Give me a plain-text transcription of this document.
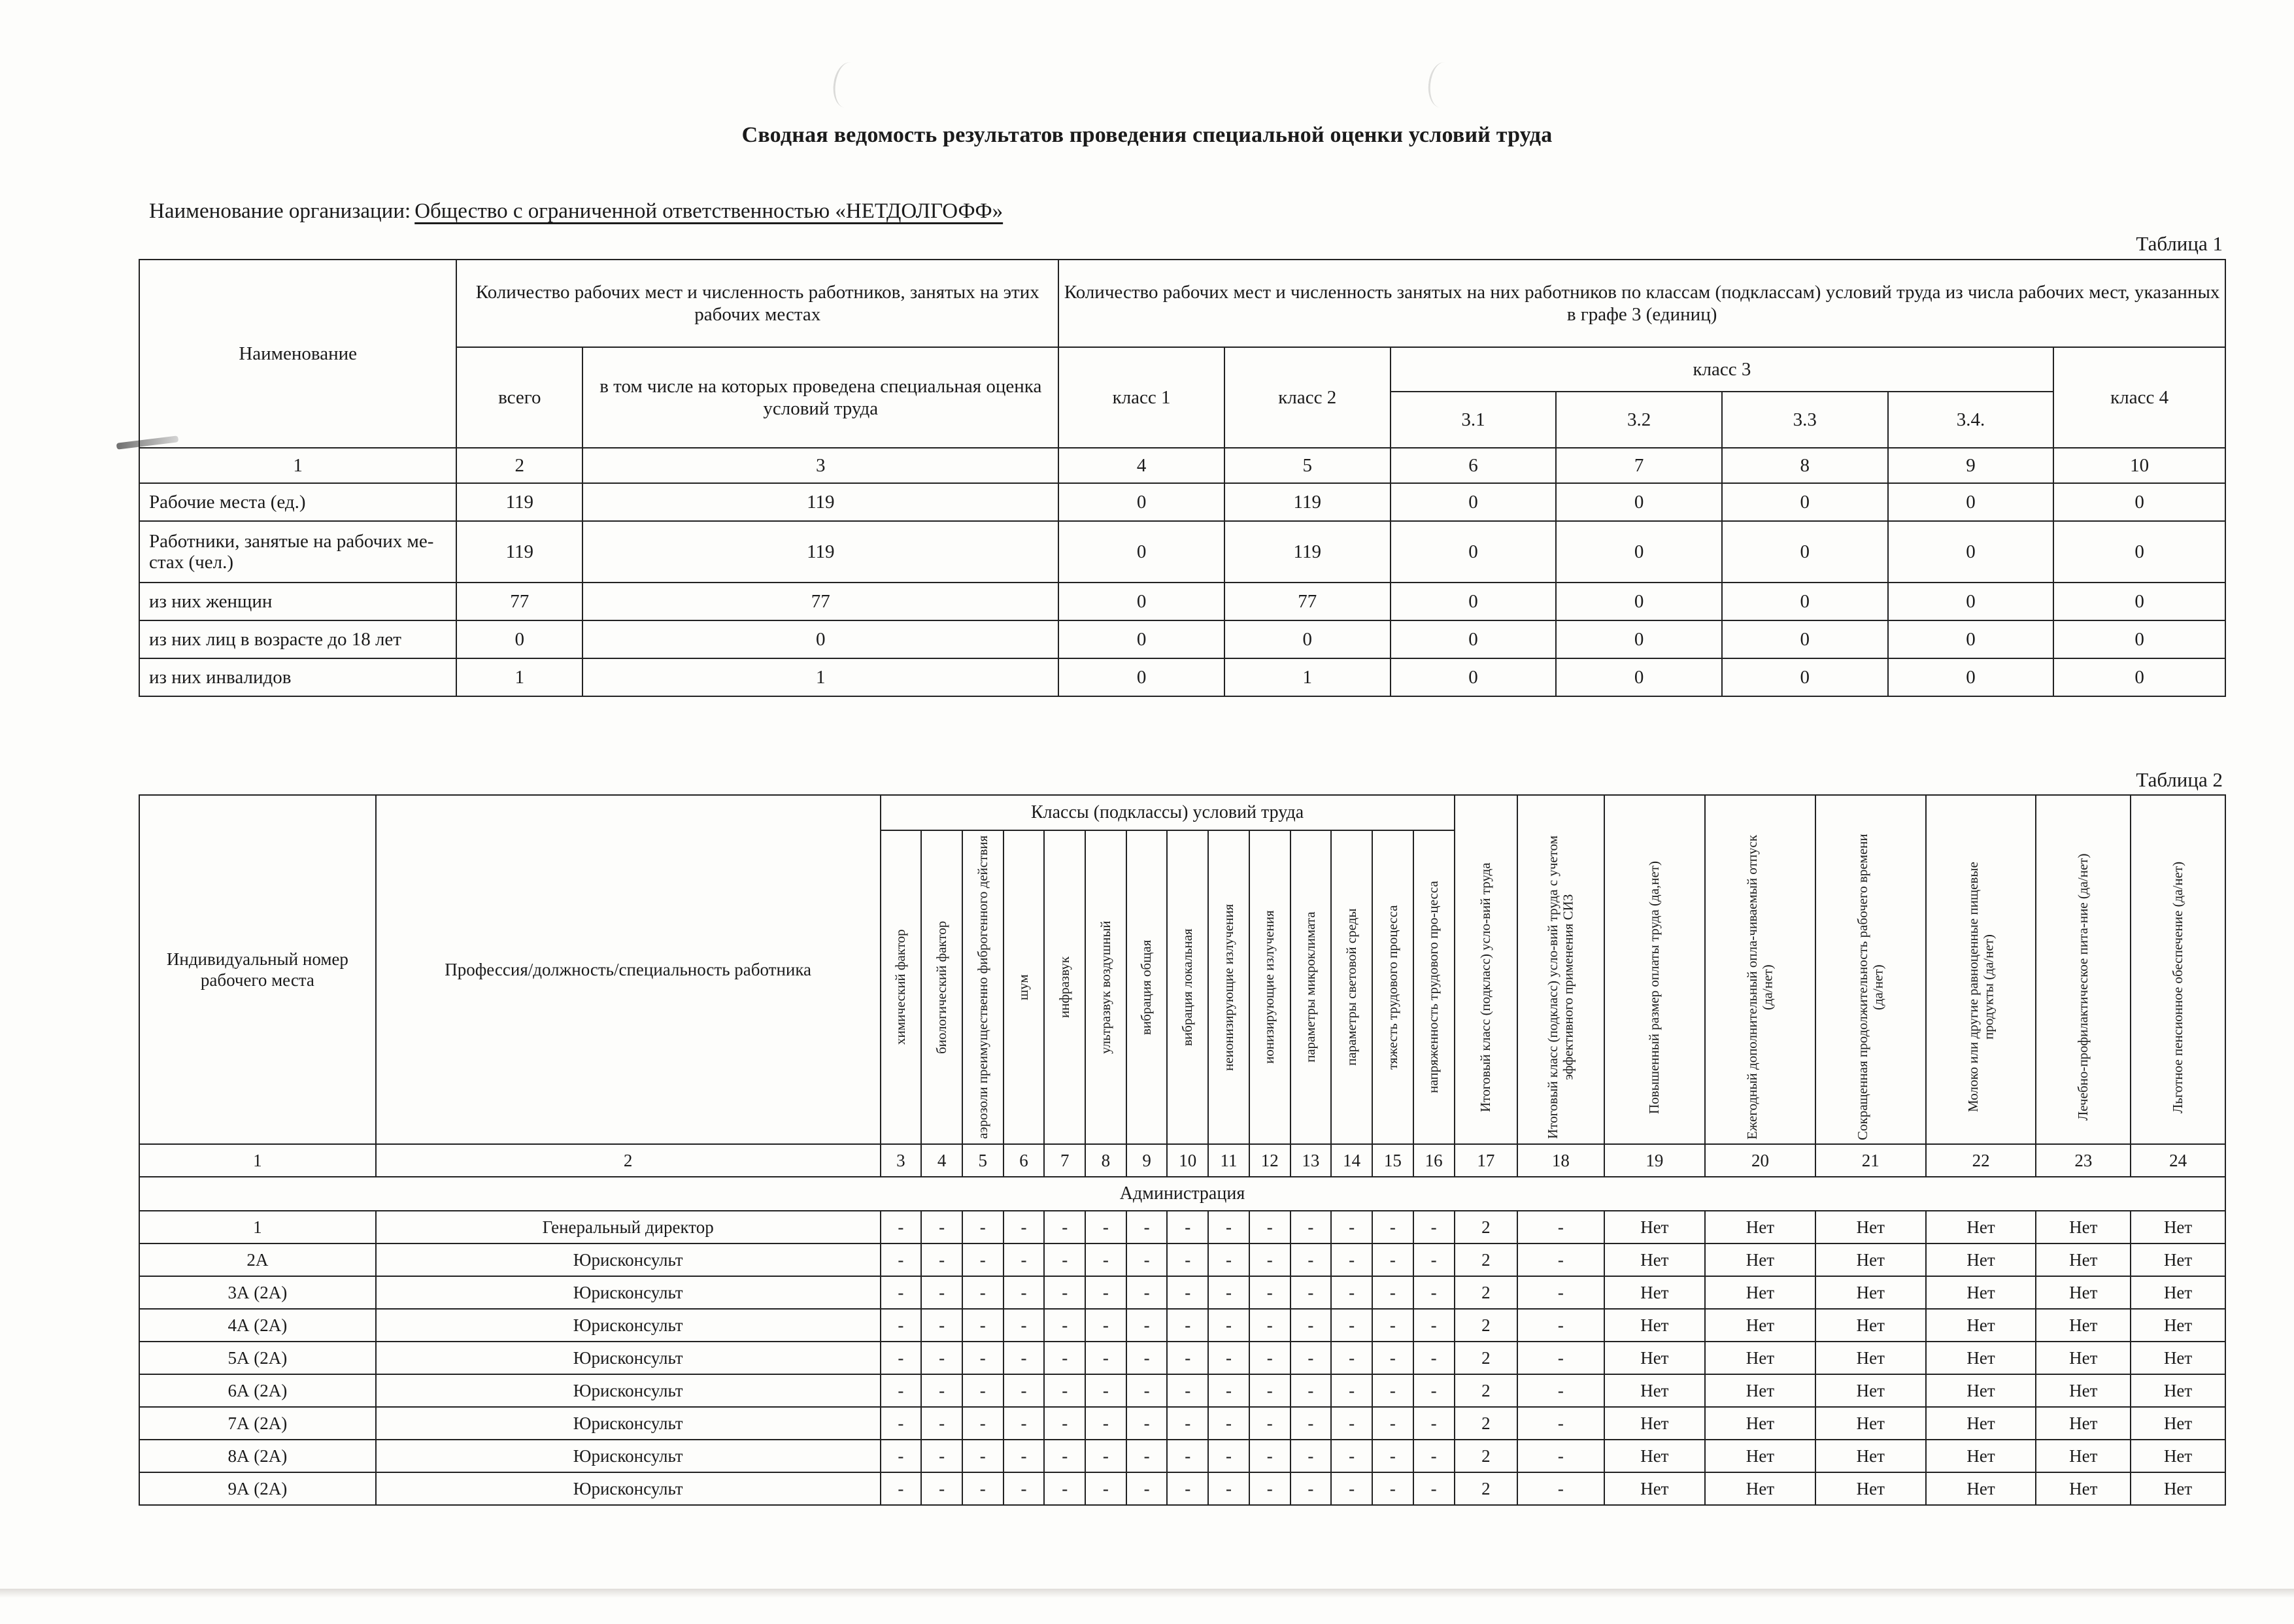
Сводная ведомость результатов проведения специальной оценки условий труда
Наименование организации: Общество с ограниченной ответственностью «НЕТДОЛГОФФ»
Таблица 1
Наименование	Количество рабочих мест и численность работников, занятых на этих рабочих местах		Количество рабочих мест и численность занятых на них работников по классам (подклассам) условий труда из числа рабочих мест, указанных в графе 3 (единиц)						
	всего	в том числе на которых проведена специальная оценка условий труда	класс 1	класс 2	класс 3				класс 4
					3.1	3.2	3.3	3.4.	
1	2	3	4	5	6	7	8	9	10
Рабочие места (ед.)	119	119	0	119	0	0	0	0	0
Работники, занятые на рабочих ме-стах (чел.)	119	119	0	119	0	0	0	0	0
из них женщин	77	77	0	77	0	0	0	0	0
из них лиц в возрасте до 18 лет	0	0	0	0	0	0	0	0	0
из них инвалидов	1	1	0	1	0	0	0	0	0
Таблица 2
Индивидуальный номер рабочего места	Профессия/должность/специальность работника	Классы (подклассы) условий труда														Итоговый класс (подкласс) усло-вий труда	Итоговый класс (подкласс) усло-вий труда с учетом эффективного применения СИЗ	Повышенный размер оплаты труда (да,нет)	Ежегодный дополнительный опла-чиваемый отпуск (да/нет)	Сокращенная продолжительность рабочего времени (да/нет)	Молоко или другие равноценные пищевые продукты (да/нет)	Лечебно-профилактическое пита-ние (да/нет)	Льготное пенсионное обеспечение (да/нет)

		химический фактор	биологический фактор	аэрозоли преимущественно фиброгенного действия	шум	инфразвук	ультразвук воздушный	вибрация общая	вибрация локальная	неионизирующие излучения	ионизирующие излучения	параметры микроклимата	параметры световой среды	тяжесть трудового процесса	напряженность трудового про-цесса								

1	2	3	4	5	6	7	8	9	10	11	12	13	14	15	16	17	18	19	20	21	22	23	24
Администрация																							
1	Генеральный директор	-	-	-	-	-	-	-	-	-	-	-	-	-	-	2	-	Нет	Нет	Нет	Нет	Нет	Нет
2А	Юрисконсульт	-	-	-	-	-	-	-	-	-	-	-	-	-	-	2	-	Нет	Нет	Нет	Нет	Нет	Нет
3А (2А)	Юрисконсульт	-	-	-	-	-	-	-	-	-	-	-	-	-	-	2	-	Нет	Нет	Нет	Нет	Нет	Нет
4А (2А)	Юрисконсульт	-	-	-	-	-	-	-	-	-	-	-	-	-	-	2	-	Нет	Нет	Нет	Нет	Нет	Нет
5А (2А)	Юрисконсульт	-	-	-	-	-	-	-	-	-	-	-	-	-	-	2	-	Нет	Нет	Нет	Нет	Нет	Нет
6А (2А)	Юрисконсульт	-	-	-	-	-	-	-	-	-	-	-	-	-	-	2	-	Нет	Нет	Нет	Нет	Нет	Нет
7А (2А)	Юрисконсульт	-	-	-	-	-	-	-	-	-	-	-	-	-	-	2	-	Нет	Нет	Нет	Нет	Нет	Нет
8А (2А)	Юрисконсульт	-	-	-	-	-	-	-	-	-	-	-	-	-	-	2	-	Нет	Нет	Нет	Нет	Нет	Нет
9А (2А)	Юрисконсульт	-	-	-	-	-	-	-	-	-	-	-	-	-	-	2	-	Нет	Нет	Нет	Нет	Нет	Нет
